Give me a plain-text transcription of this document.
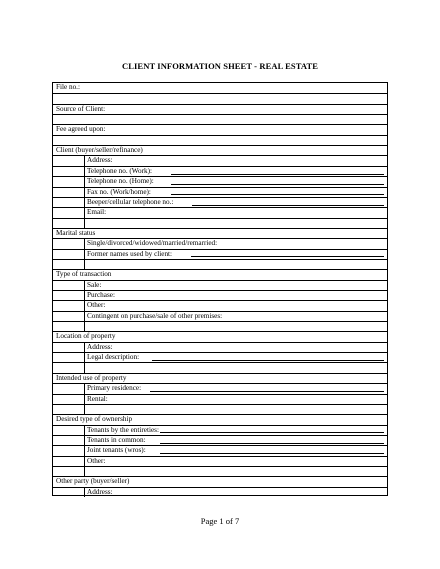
CLIENT INFORMATION SHEET - REAL ESTATE
File no.:
Source of Client:
Fee agreed upon:
Client (buyer/seller/refinance)
Address:
Telephone no. (Work):
Telephone no. (Home):
Fax no. (Work/home):
Beeper/cellular telephone no.:
Email:
Marital status
Single/divorced/widowed/married/remarried:
Former names used by client:
Type of transaction
Sale:
Purchase:
Other:
Contingent on purchase/sale of other premises:
Location of property
Address:
Legal description:
Intended use of property
Primary residence:
Rental:
Desired type of ownership
Tenants by the entireties:
Tenants in common:
Joint tenants (wros):
Other:
Other party (buyer/seller)
Address:
Page 1 of 7
